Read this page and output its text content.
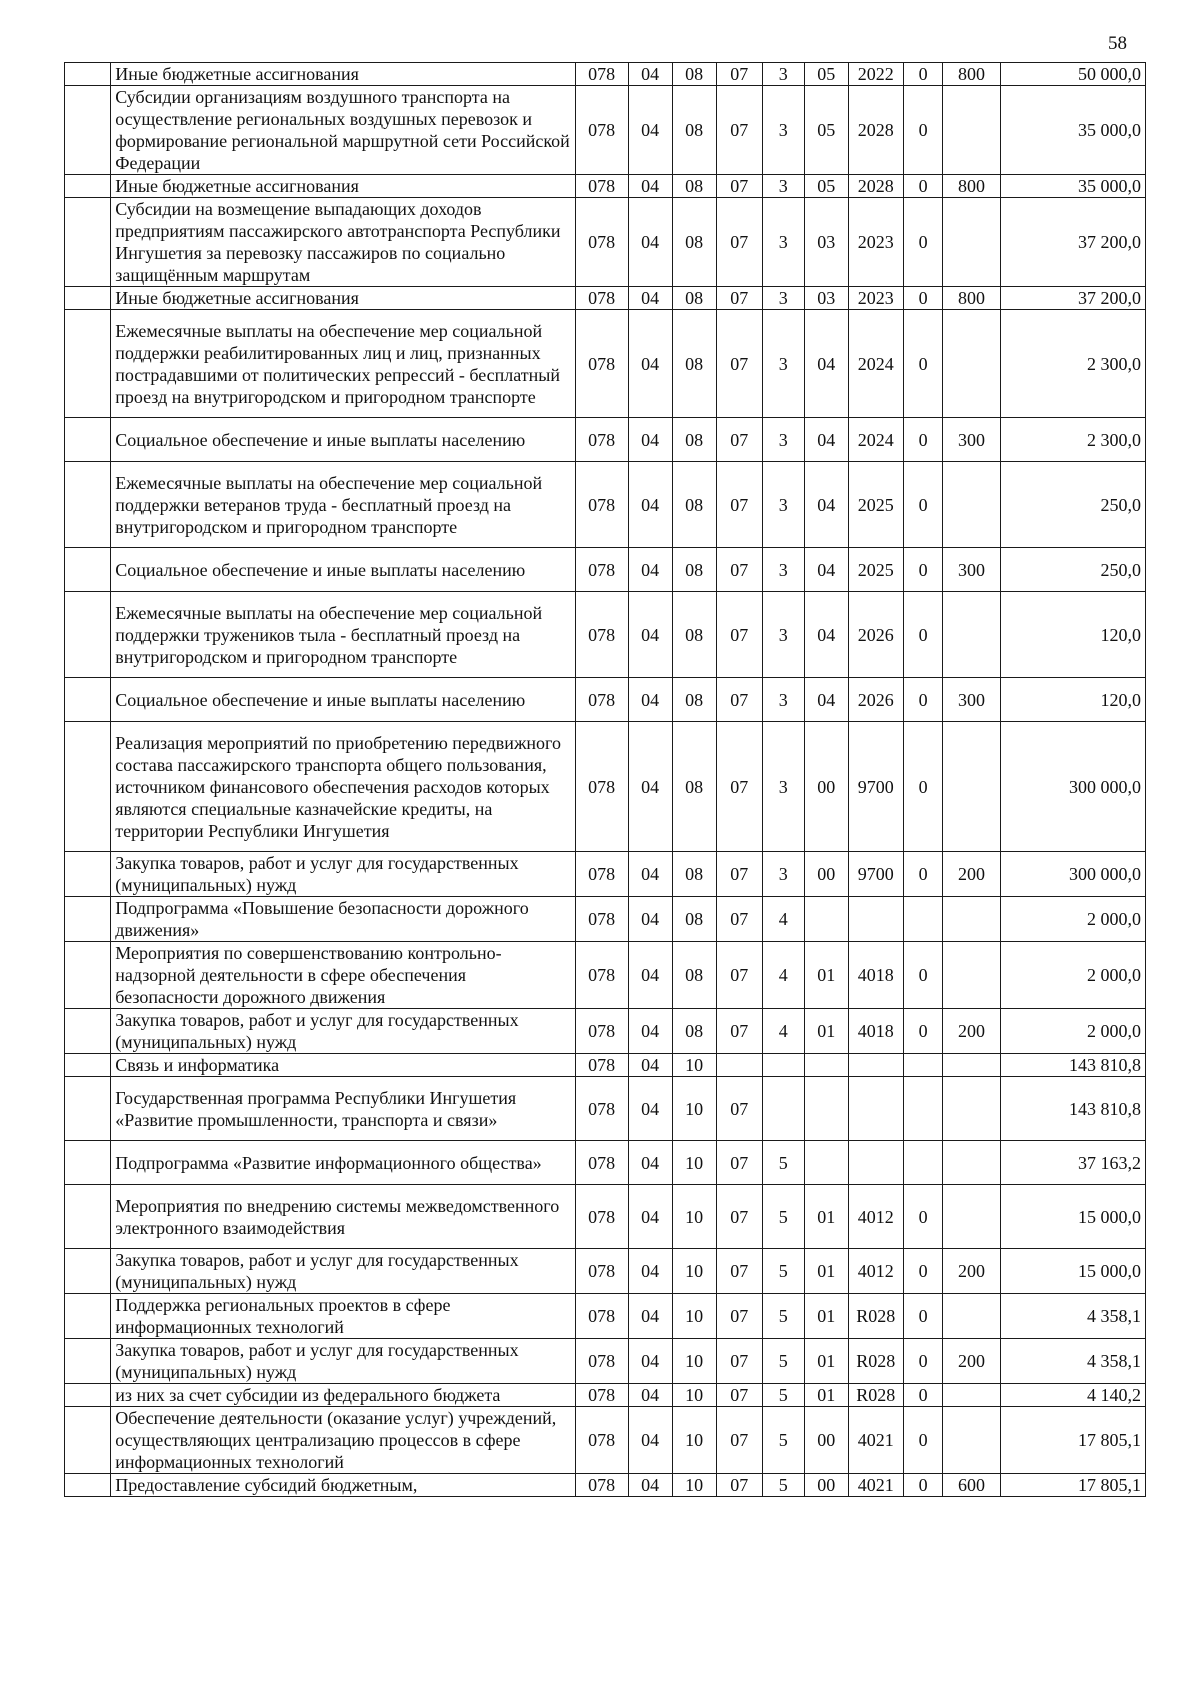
58
	Иные бюджетные ассигнования	078	04	08	07	3	05	2022	0	800	50 000,0
	Субсидии организациям воздушного транспорта на осуществление региональных воздушных перевозок и формирование региональной маршрутной сети Российской Федерации	078	04	08	07	3	05	2028	0		35 000,0
	Иные бюджетные ассигнования	078	04	08	07	3	05	2028	0	800	35 000,0
	Субсидии на возмещение выпадающих доходов предприятиям пассажирского автотранспорта Республики Ингушетия за перевозку пассажиров по социально защищённым маршрутам	078	04	08	07	3	03	2023	0		37 200,0
	Иные бюджетные ассигнования	078	04	08	07	3	03	2023	0	800	37 200,0
	Ежемесячные выплаты на обеспечение мер социальной поддержки реабилитированных лиц и лиц, признанных пострадавшими от политических репрессий - бесплатный проезд на внутригородском и пригородном транспорте	078	04	08	07	3	04	2024	0		2 300,0
	Социальное обеспечение и иные выплаты населению	078	04	08	07	3	04	2024	0	300	2 300,0
	Ежемесячные выплаты на обеспечение мер социальной поддержки ветеранов труда - бесплатный проезд на внутригородском и пригородном транспорте	078	04	08	07	3	04	2025	0		250,0
	Социальное обеспечение и иные выплаты населению	078	04	08	07	3	04	2025	0	300	250,0
	Ежемесячные выплаты на обеспечение мер социальной поддержки тружеников тыла - бесплатный проезд на внутригородском и пригородном транспорте	078	04	08	07	3	04	2026	0		120,0
	Социальное обеспечение и иные выплаты населению	078	04	08	07	3	04	2026	0	300	120,0
	Реализация мероприятий по приобретению передвижного состава пассажирского транспорта общего пользования, источником финансового обеспечения расходов которых являются специальные казначейские кредиты, на территории Республики Ингушетия	078	04	08	07	3	00	9700	0		300 000,0
	Закупка товаров, работ и услуг для государственных (муниципальных) нужд	078	04	08	07	3	00	9700	0	200	300 000,0
	Подпрограмма «Повышение безопасности дорожного движения»	078	04	08	07	4					2 000,0
	Мероприятия по совершенствованию контрольно-надзорной деятельности в сфере обеспечения безопасности дорожного движения	078	04	08	07	4	01	4018	0		2 000,0
	Закупка товаров, работ и услуг для государственных (муниципальных) нужд	078	04	08	07	4	01	4018	0	200	2 000,0
	Связь и информатика	078	04	10							143 810,8
	Государственная программа Республики Ингушетия «Развитие промышленности, транспорта и связи»	078	04	10	07						143 810,8
	Подпрограмма «Развитие информационного общества»	078	04	10	07	5					37 163,2
	Мероприятия по внедрению системы межведомственного электронного взаимодействия	078	04	10	07	5	01	4012	0		15 000,0
	Закупка товаров, работ и услуг для государственных (муниципальных) нужд	078	04	10	07	5	01	4012	0	200	15 000,0
	Поддержка региональных проектов в сфере информационных технологий	078	04	10	07	5	01	R028	0		4 358,1
	Закупка товаров, работ и услуг для государственных (муниципальных) нужд	078	04	10	07	5	01	R028	0	200	4 358,1
	из них за счет субсидии из федерального бюджета	078	04	10	07	5	01	R028	0		4 140,2
	Обеспечение деятельности (оказание услуг) учреждений, осуществляющих централизацию процессов в сфере информационных технологий	078	04	10	07	5	00	4021	0		17 805,1
	Предоставление субсидий бюджетным,	078	04	10	07	5	00	4021	0	600	17 805,1
